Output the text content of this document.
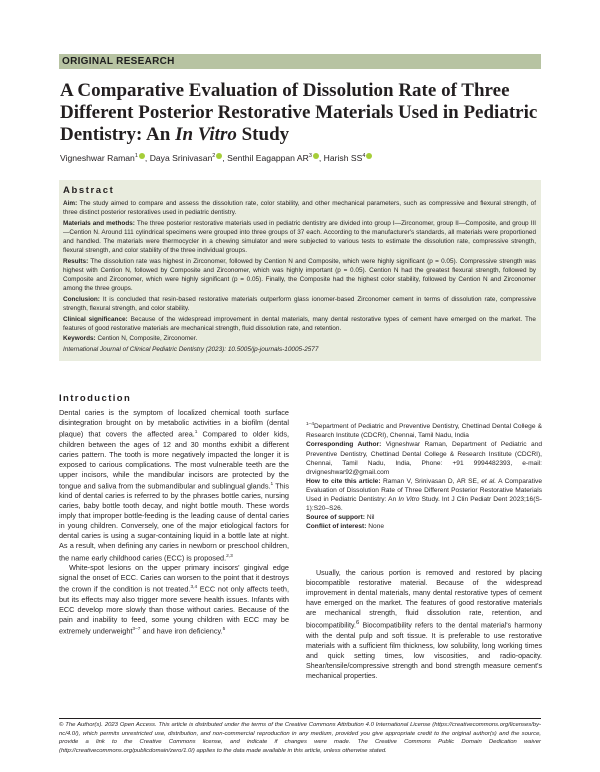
ORIGINAL RESEARCH
A Comparative Evaluation of Dissolution Rate of Three Different Posterior Restorative Materials Used in Pediatric Dentistry: An In Vitro Study
Vigneshwar Raman$^1$ , Daya Srinivasan$^2$ , Senthil Eagappan $AR^3$ , Harish $SS^4$
Abstract

Aim: The study aimed to compare and assess the dissolution rate, color stability, and other mechanical parameters, such as compressive and flexural strength, of three distinct posterior restoratives used in pediatric dentistry.

Materials and methods: The three posterior restorative materials used in pediatric dentistry are divided into group I—Zirconomer, group II—Composite, and group III—Cention N. Around 111 cylindrical specimens were grouped into three groups of 37 each. According to the manufacturer's standards, all materials were proportioned and handled. The materials were thermocycler in a chewing simulator and were subjected to various tests to estimate the dissolution rate, compressive strength, flexural strength, and color stability of the three individual groups.

Results: The dissolution rate was highest in Zirconomer, followed by Cention N and Composite, which were highly significant (p = 0.05). Compressive strength was highest with Cention N, followed by Composite and Zirconomer, which was highly important (p = 0.05). Cention N had the greatest flexural strength, followed by Composite and Zirconomer, which were highly significant (p = 0.05). Finally, the Composite had the highest color stability, followed by Cention N and Zirconomer among the three groups.

Conclusion: It is concluded that resin-based restorative materials outperform glass ionomer-based Zirconomer cement in terms of dissolution rate, compressive strength, flexural strength, and color stability.

Clinical significance: Because of the widespread improvement in dental materials, many dental restorative types of cement have emerged on the market. The features of good restorative materials are mechanical strength, fluid dissolution rate, and retention.

Keywords: Cention N, Composite, Zirconomer.

International Journal of Clinical Pediatric Dentistry (2023): 10.5005/jp-journals-10005-2577

Introduction

Dental caries is the symptom of localized chemical tooth surface disintegration brought on by metabolic activities in a biofilm (dental plaque) that covers the affected area.$^1$ Compared to older kids, children between the ages of 12 and 30 months exhibit a different caries pattern. The tooth is more negatively impacted the longer it is exposed to carious complications. The most vulnerable teeth are the upper incisors, while the mandibular incisors are protected by the tongue and saliva from the submandibular and sublingual glands.$^1$ This kind of dental caries is referred to by the phrases bottle caries, nursing caries, baby bottle tooth decay, and night bottle mouth. These words imply that improper bottle-feeding is the leading cause of dental caries in young children. Conversely, one of the major etiological factors for dental caries is using a sugar-containing liquid in a bottle late at night. As a result, when defining any caries in newborn or preschool children, the name early childhood caries (ECC) is proposed.$^{2,3}$

White-spot lesions on the upper primary incisors' gingival edge signal the onset of ECC. Caries can worsen to the point that it destroys the crown if the condition is not treated.$^{3,4}$ ECC not only affects teeth, but its effects may also trigger more severe health issues. Infants with ECC develop more slowly than those without caries. Because of the pain and inability to feed, some young children with ECC may be extremely underweight$^{3-7}$ and have iron deficiency.$^5$

$^{1-4}$Department of Pediatric and Preventive Dentistry, Chettinad Dental College & Research Institute (CDCRI), Chennai, Tamil Nadu, India

Corresponding Author: Vigneshwar Raman, Department of Pediatric and Preventive Dentistry, Chettinad Dental College & Research Institute (CDCRI), Chennai, Tamil Nadu, India, Phone: +91 9994482393, e-mail: drvigneshwar92@gmail.com

How to cite this article: Raman V, Srinivasan D, AR SE, et al. A Comparative Evaluation of Dissolution Rate of Three Different Posterior Restorative Materials Used in Pediatric Dentistry: An In Vitro Study. Int J Clin Pediatr Dent 2023;16(S-1):S20–S26.

Source of support: Nil

Conflict of interest: None

Usually, the carious portion is removed and restored by placing biocompatible restorative material. Because of the widespread improvement in dental materials, many dental restorative types of cement have emerged on the market. The features of good restorative materials are mechanical strength, fluid dissolution rate, retention, and biocompatibility.$^6$ Biocompatibility refers to the dental material's harmony with the dental pulp and soft tissue. It is preferable to use restorative materials with a sufficient film thickness, low solubility, long working times and quick setting times, low viscosities, and radio-opacity. Shear/tensile/compressive strength and bond strength measure cement's mechanical properties.

© The Author(s). 2023 Open Access. This article is distributed under the terms of the Creative Commons Attribution 4.0 International License (https://creativecommons.org/licenses/by-nc/4.0/), which permits unrestricted use, distribution, and non-commercial reproduction in any medium, provided you give appropriate credit to the original author(s) and the source, provide a link to the Creative Commons license, and indicate if changes were made. The Creative Commons Public Domain Dedication waiver (http://creativecommons.org/publicdomain/zero/1.0/) applies to the data made available in this article, unless otherwise stated.
